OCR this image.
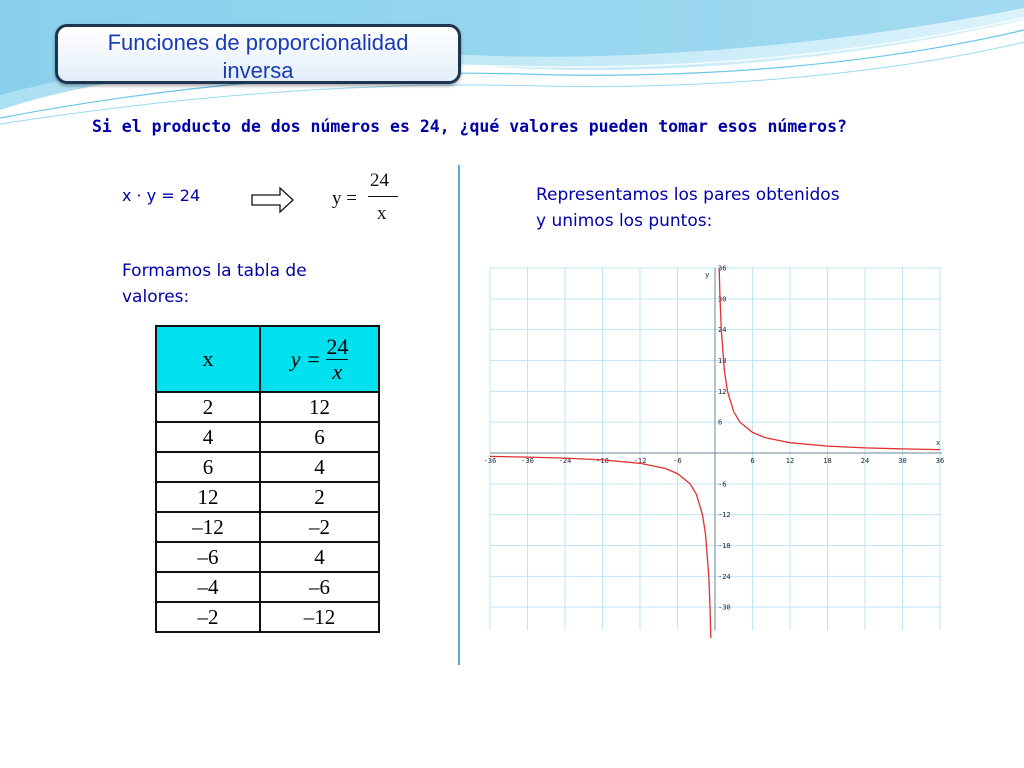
Funciones de proporcionalidad
inversa
Si el producto de dos números es 24, ¿qué valores pueden tomar esos números?
x · y = 24	y =
24
x
Formamos la tabla de
valores:
Representamos los pares obtenidos
y unimos los puntos:
x	$y = \frac{24}{x}$

2	12
4	6
6	4
12	2
–12	–2
–6	4
–4	–6
–2	–12
-36	-30	-24	-18	-12	-6	6	12	18	24	30	36
-30
-24
-18
-12
-6
6
12
18
24
30
36
x
y
